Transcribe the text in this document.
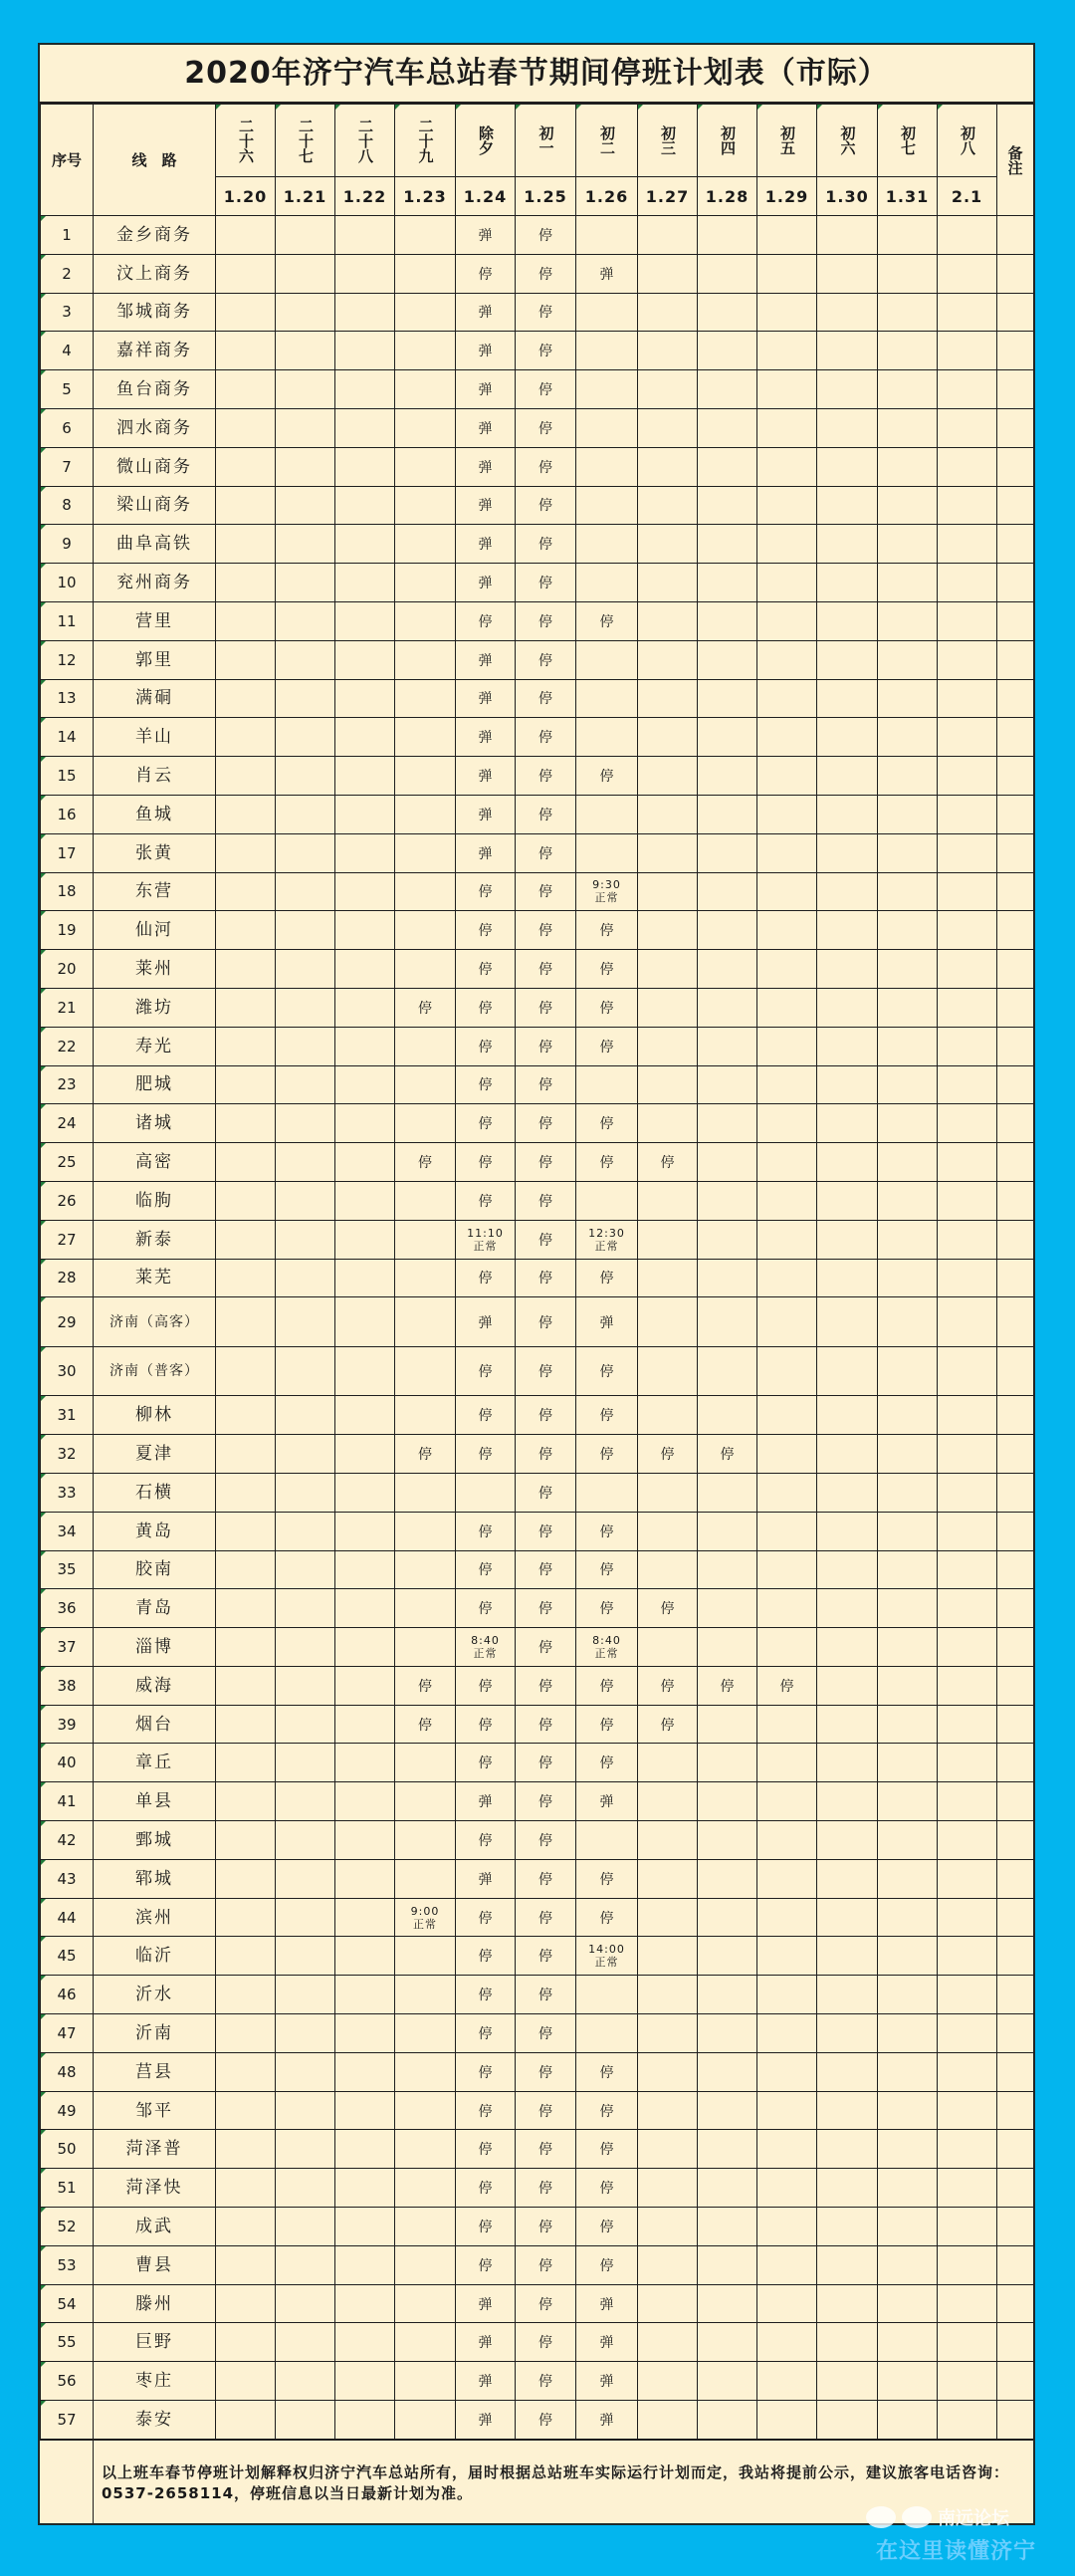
2020年济宁汽车总站春节期间停班计划表（市际）
序号	线　路	二十六	二十七	二十八	二十九	除夕	初一	初二	初三	初四	初五	初六	初七	初八	备注
		1.20	1.21	1.22	1.23	1.24	1.25	1.26	1.27	1.28	1.29	1.30	1.31	2.1	
1	金乡商务					弹	停								
2	汶上商务					停	停	弹							
3	邹城商务					弹	停								
4	嘉祥商务					弹	停								
5	鱼台商务					弹	停								
6	泗水商务					弹	停								
7	微山商务					弹	停								
8	梁山商务					弹	停								
9	曲阜高铁					弹	停								
10	兖州商务					弹	停								
11	营里					停	停	停							
12	郭里					弹	停								
13	满硐					弹	停								
14	羊山					弹	停								
15	肖云					弹	停	停							
16	鱼城					弹	停								
17	张黄					弹	停								
18	东营					停	停	9:30
正常							

19	仙河					停	停	停							
20	莱州					停	停	停							
21	潍坊				停	停	停	停							
22	寿光					停	停	停							
23	肥城					停	停								
24	诸城					停	停	停							
25	高密				停	停	停	停	停						
26	临朐					停	停								
27	新泰					11:10
正常	停	12:30
正常							

28	莱芜					停	停	停							
29	济南（高客）					弹	停	弹							
30	济南（普客）					停	停	停							
31	柳林					停	停	停							
32	夏津				停	停	停	停	停	停					
33	石横						停								
34	黄岛					停	停	停							
35	胶南					停	停	停							
36	青岛					停	停	停	停						
37	淄博					8:40
正常	停	8:40
正常							

38	威海				停	停	停	停	停	停	停				
39	烟台				停	停	停	停	停						
40	章丘					停	停	停							
41	单县					弹	停	弹							
42	鄄城					停	停								
43	郓城					弹	停	停							
44	滨州				9:00
正常	停	停	停							
45	临沂					停	停	14:00
正常							

46	沂水					停	停								
47	沂南					停	停								
48	莒县					停	停	停							
49	邹平					停	停	停							
50	菏泽普					停	停	停							
51	菏泽快					停	停	停							
52	成武					停	停	停							
53	曹县					停	停	停							
54	滕州					弹	停	弹							
55	巨野					弹	停	弹							
56	枣庄					弹	停	弹							
57	泰安					弹	停	弹							
以上班车春节停班计划解释权归济宁汽车总站所有，届时根据总站班车实际运行计划而定，我站将提前公示，建议旅客电话咨询：0537-2658114，停班信息以当日最新计划为准。
南远论坛
在这里读懂济宁
